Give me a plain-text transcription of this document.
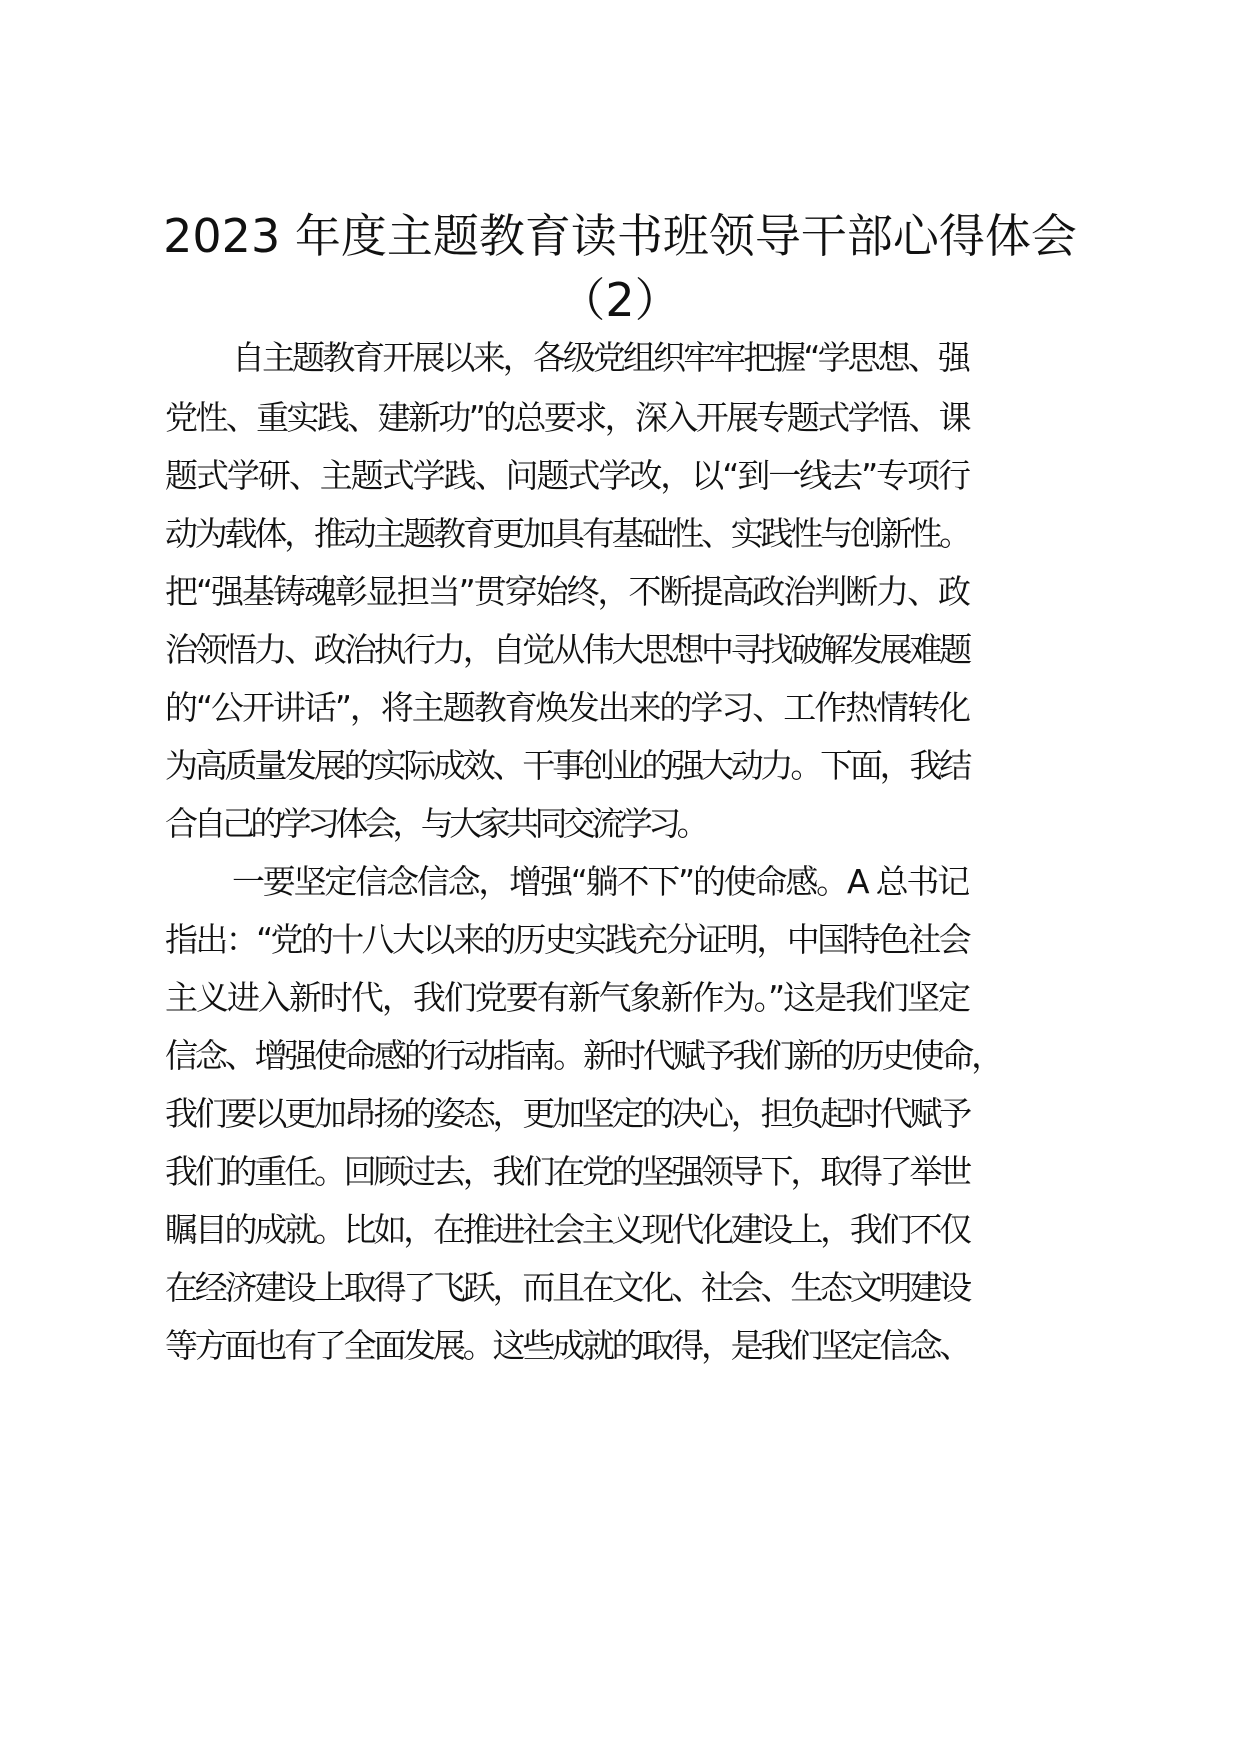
2023 年度主题教育读书班领导干部心得体会
（2）
自主题教育开展以来，各级党组织牢牢把握“学思想、强
党性、重实践、建新功”的总要求，深入开展专题式学悟、课
题式学研、主题式学践、问题式学改，以“到一线去”专项行
动为载体，推动主题教育更加具有基础性、实践性与创新性。
把“强基铸魂彰显担当”贯穿始终，不断提高政治判断力、政
治领悟力、政治执行力，自觉从伟大思想中寻找破解发展难题
的“公开讲话”，将主题教育焕发出来的学习、工作热情转化
为高质量发展的实际成效、干事创业的强大动力。下面，我结
合自己的学习体会，与大家共同交流学习。
一要坚定信念信念，增强“躺不下”的使命感。A 总书记
指出：“党的十八大以来的历史实践充分证明，中国特色社会
主义进入新时代，我们党要有新气象新作为。”这是我们坚定
信念、增强使命感的行动指南。新时代赋予我们新的历史使命，
我们要以更加昂扬的姿态，更加坚定的决心，担负起时代赋予
我们的重任。回顾过去，我们在党的坚强领导下，取得了举世
瞩目的成就。比如，在推进社会主义现代化建设上，我们不仅
在经济建设上取得了飞跃，而且在文化、社会、生态文明建设
等方面也有了全面发展。这些成就的取得，是我们坚定信念、
